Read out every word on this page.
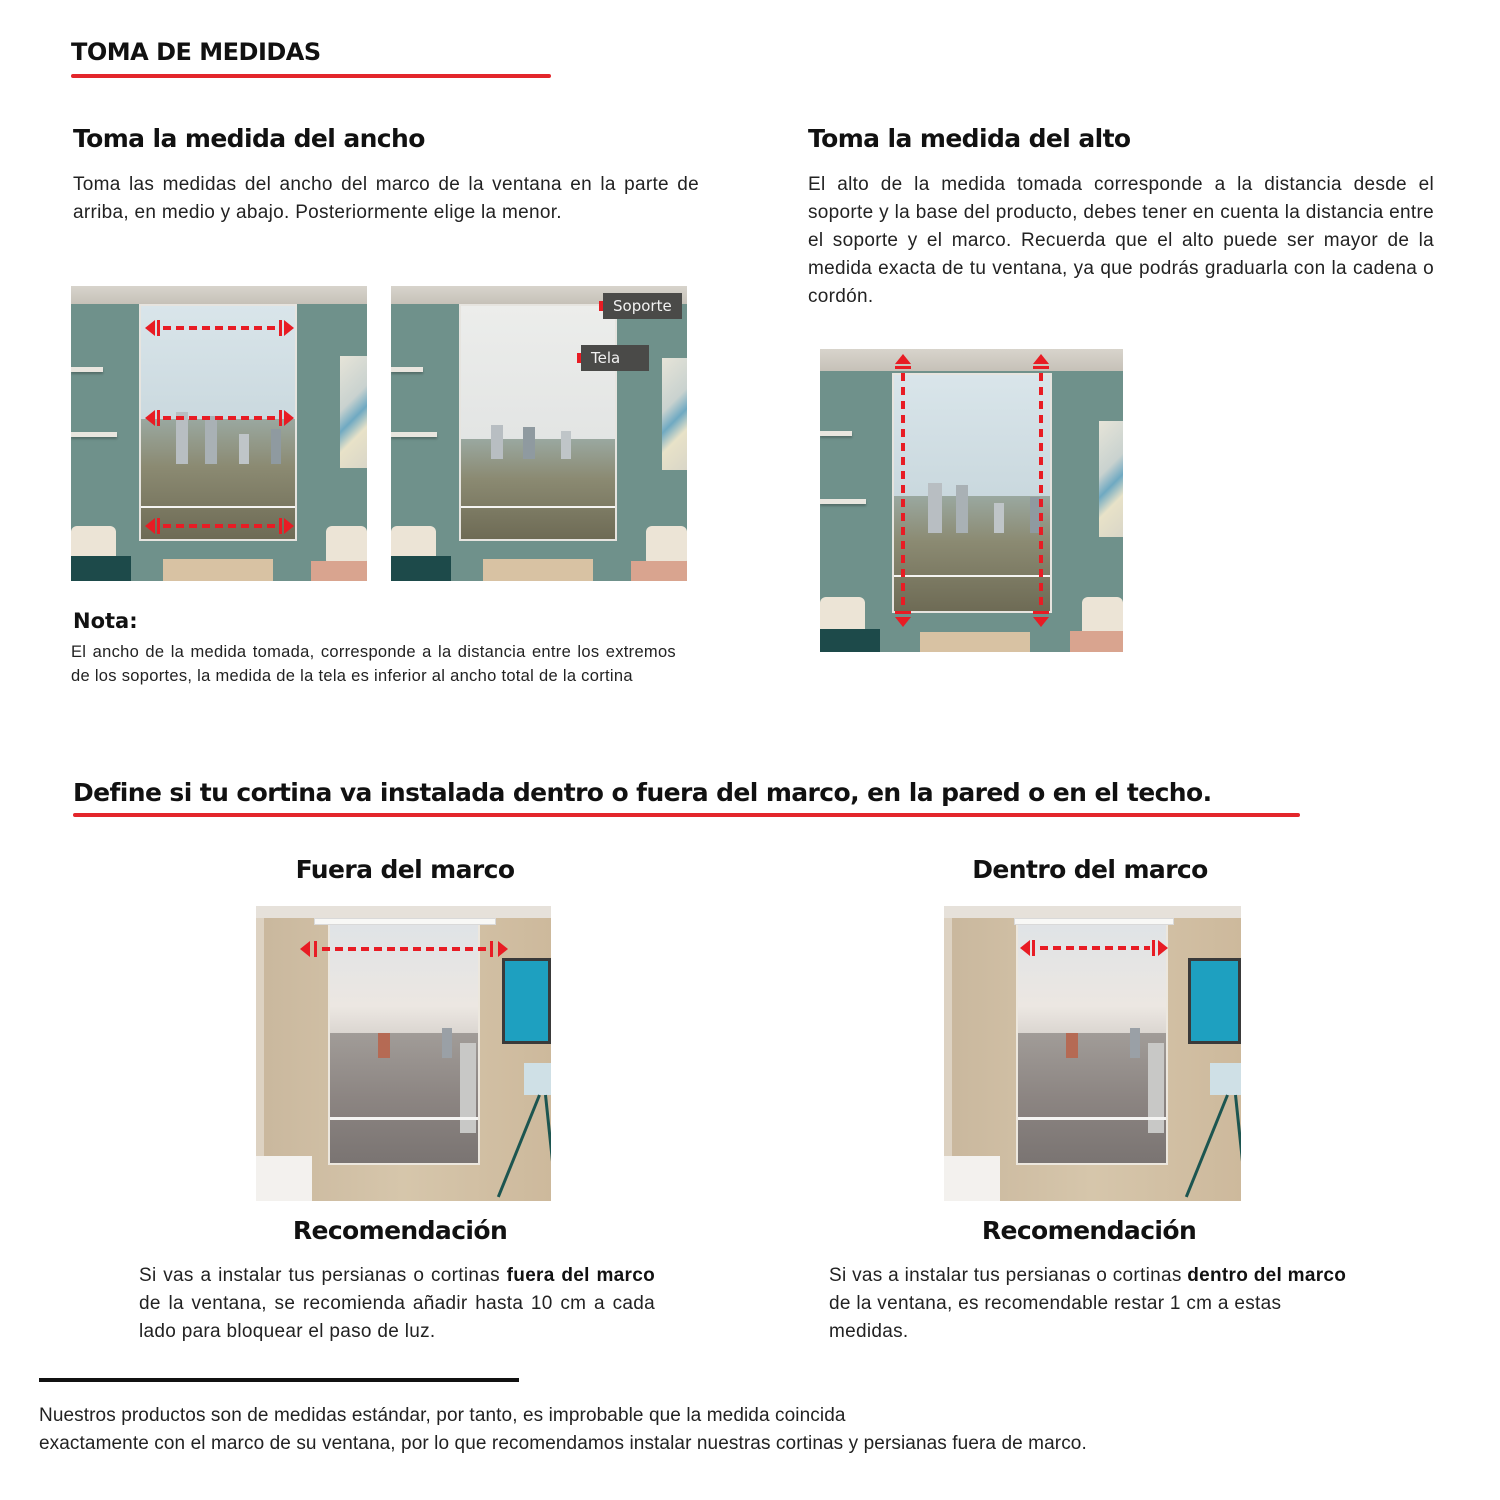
TOMA DE MEDIDAS
Toma la medida del ancho
Toma las medidas del ancho del marco de la ventana en la parte de arriba, en medio y abajo. Posteriormente elige la menor.
Soporte
Tela
Nota:
El ancho de la medida tomada, corresponde a la distancia entre los extremos de los soportes, la medida de la tela es inferior al ancho total de la cortina
Toma la medida del alto
El alto de la medida tomada corresponde a la distancia desde el soporte y la base del producto, debes tener en cuenta la distancia entre el soporte y el marco. Recuerda que el alto puede ser mayor de la medida exacta de tu ventana, ya que podrás graduarla con la cadena o cordón.
Define si tu cortina va instalada dentro o fuera del marco, en la pared o en el techo.
Fuera del marco
Recomendación
Si vas a instalar tus persianas o cortinas fuera del marco de la ventana, se recomienda añadir hasta 10 cm a cada lado para bloquear el paso de luz.
Dentro del marco
Recomendación
Si vas a instalar tus persianas o cortinas dentro del marco de la ventana, es recomendable restar 1 cm a estas medidas.
Nuestros productos son de medidas estándar, por tanto, es improbable que la medida coincida
exactamente con el marco de su ventana, por lo que recomendamos instalar nuestras cortinas y persianas fuera de marco.
